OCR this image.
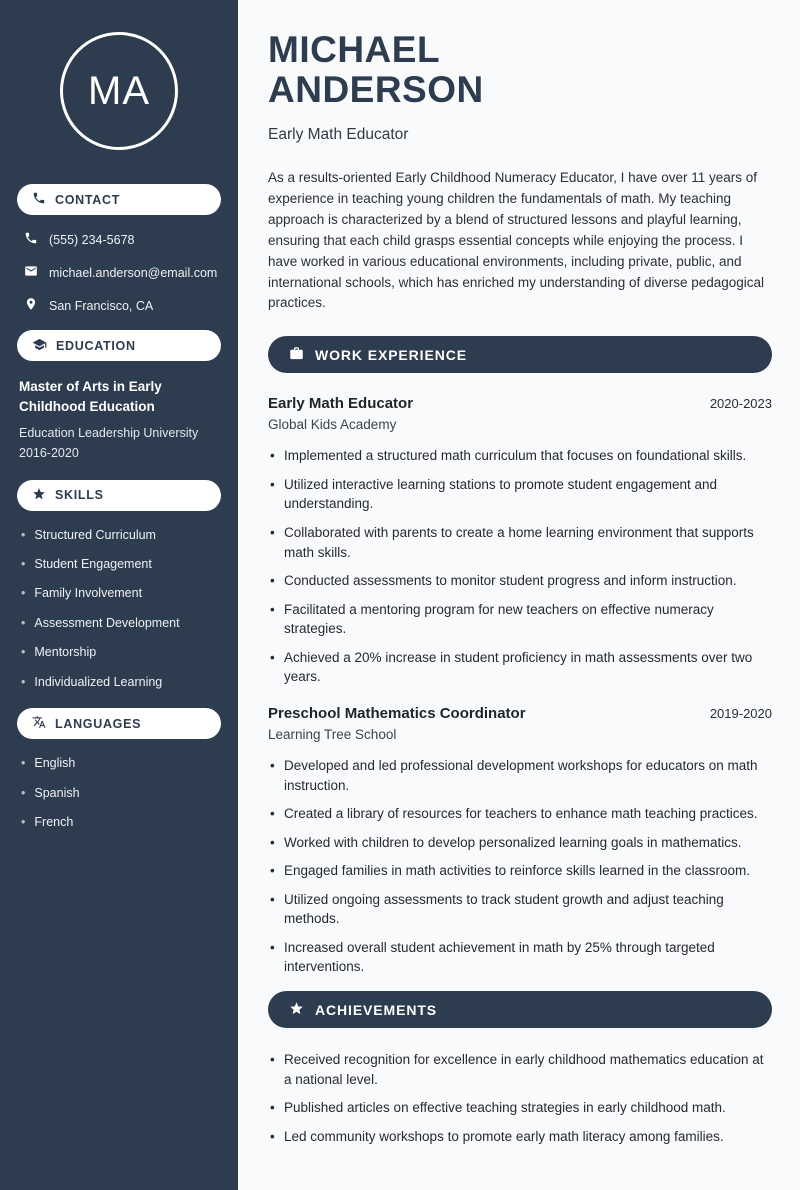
MA
CONTACT
(555) 234-5678
michael.anderson@email.com
San Francisco, CA
EDUCATION
Master of Arts in Early Childhood Education
Education Leadership University
2016-2020
SKILLS
• Structured Curriculum
• Student Engagement
• Family Involvement
• Assessment Development
• Mentorship
• Individualized Learning
LANGUAGES
• English
• Spanish
• French
MICHAEL
ANDERSON
Early Math Educator

As a results-oriented Early Childhood Numeracy Educator, I have over 11 years of experience in teaching young children the fundamentals of math. My teaching approach is characterized by a blend of structured lessons and playful learning, ensuring that each child grasps essential concepts while enjoying the process. I have worked in various educational environments, including private, public, and international schools, which has enriched my understanding of diverse pedagogical practices.

WORK EXPERIENCE
Early Math Educator	2020-2023
Global Kids Academy
• Implemented a structured math curriculum that focuses on foundational skills.
• Utilized interactive learning stations to promote student engagement and understanding.
• Collaborated with parents to create a home learning environment that supports math skills.
• Conducted assessments to monitor student progress and inform instruction.
• Facilitated a mentoring program for new teachers on effective numeracy strategies.
• Achieved a 20% increase in student proficiency in math assessments over two years.
Preschool Mathematics Coordinator	2019-2020
Learning Tree School
• Developed and led professional development workshops for educators on math instruction.
• Created a library of resources for teachers to enhance math teaching practices.
• Worked with children to develop personalized learning goals in mathematics.
• Engaged families in math activities to reinforce skills learned in the classroom.
• Utilized ongoing assessments to track student growth and adjust teaching methods.
• Increased overall student achievement in math by 25% through targeted interventions.
ACHIEVEMENTS
• Received recognition for excellence in early childhood mathematics education at a national level.
• Published articles on effective teaching strategies in early childhood math.
• Led community workshops to promote early math literacy among families.
